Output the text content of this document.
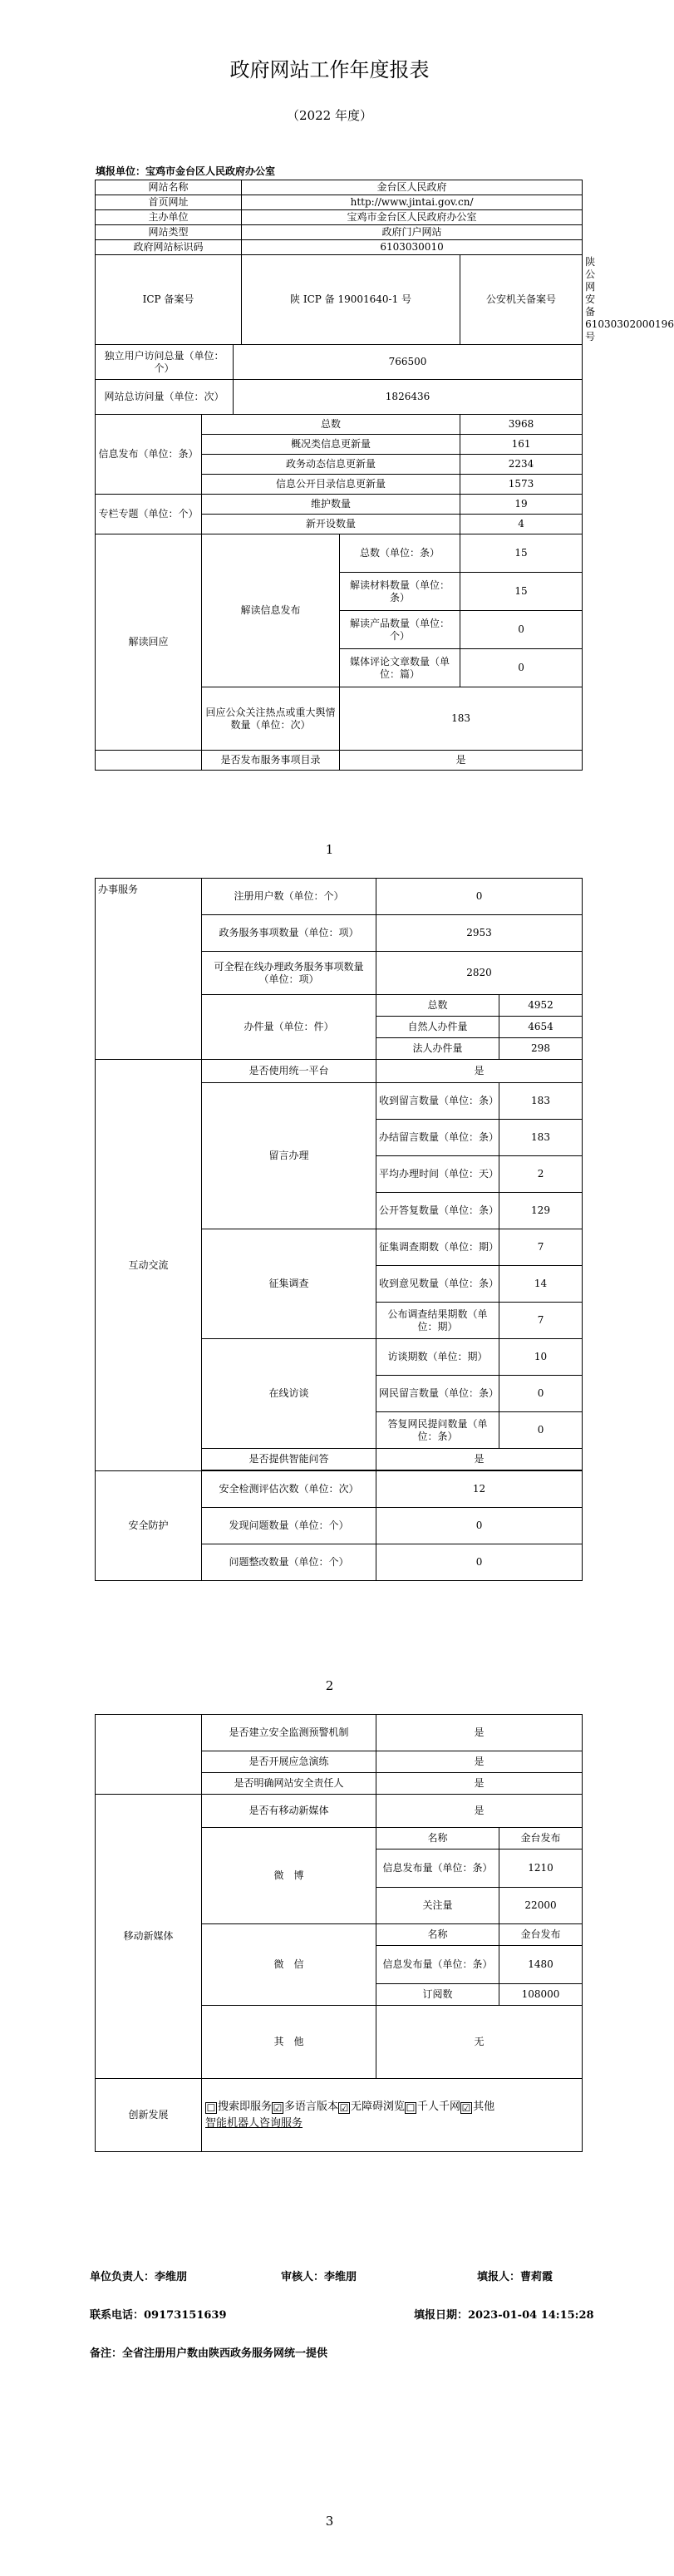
政府网站工作年度报表
（2022 年度）
填报单位：宝鸡市金台区人民政府办公室
网站名称			金台区人民政府			
首页网址			http://www.jintai.gov.cn/			
主办单位			宝鸡市金台区人民政府办公室			
网站类型			政府门户网站			
政府网站标识码			6103030010			
ICP 备案号			陕 ICP 备 19001640-1 号		公安机关备案号	陕公网安备 61030302000196 号
独立用户访问总量（单位：个）		766500				
网站总访问量（单位：次）		1826436				
信息发布（单位：条）	总数				3968	
	概况类信息更新量				161	
	政务动态信息更新量				2234	
	信息公开目录信息更新量				1573	
专栏专题（单位：个）	维护数量				19	
	新开设数量				4	
解读回应	解读信息发布			总数（单位：条）	15	
				解读材料数量（单位：条）	15	
				解读产品数量（单位：个）	0	
				媒体评论文章数量（单位：篇）	0	
	回应公众关注热点或重大舆情数量（单位：次）			183		
	是否发布服务事项目录			是		
1
办事服务	注册用户数（单位：个）	0	
	政务服务事项数量（单位：项）	2953	
	可全程在线办理政务服务事项数量（单位：项）	2820	
	办件量（单位：件）	总数	4952
		自然人办件量	4654
		法人办件量	298
互动交流	是否使用统一平台	是	
	留言办理	收到留言数量（单位：条）	183
		办结留言数量（单位：条）	183
		平均办理时间（单位：天）	2
		公开答复数量（单位：条）	129
	征集调查	征集调查期数（单位：期）	7
		收到意见数量（单位：条）	14
		公布调查结果期数（单位：期）	7
	在线访谈	访谈期数（单位：期）	10
		网民留言数量（单位：条）	0
		答复网民提问数量（单位：条）	0
	是否提供智能问答	是	

安全防护	安全检测评估次数（单位：次）	12	
	发现问题数量（单位：个）	0	
	问题整改数量（单位：个）	0	
2
	是否建立安全监测预警机制	是	
	是否开展应急演练	是	
	是否明确网站安全责任人	是	
移动新媒体	是否有移动新媒体	是	
	微　博	名称	金台发布
		信息发布量（单位：条）	1210
		关注量	22000
	微　信	名称	金台发布
		信息发布量（单位：条）	1480
		订阅数	108000
	其　他	无	
创新发展	☐ 搜索即服务 ☑ 多语言版本 ☑ 无障碍浏览 ☐ 千人千网 ☑ 其他
智能机器人咨询服务		
单位负责人：李维朋	审核人：李维朋	填报人：曹莉霞
联系电话：09173151639	填报日期：2023-01-04 14:15:28
备注：全省注册用户数由陕西政务服务网统一提供
3
